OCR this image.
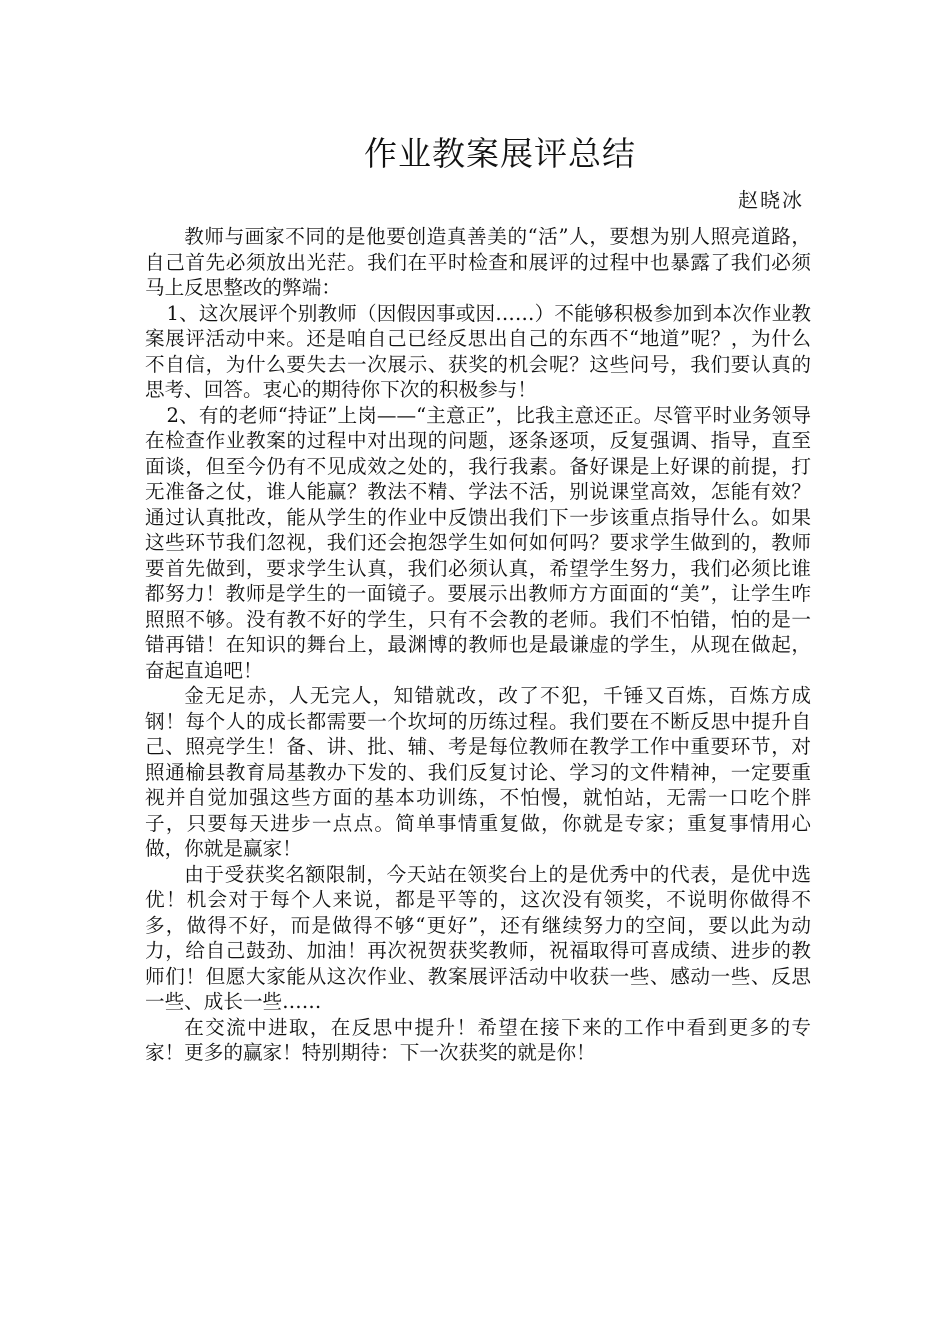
作业教案展评总结
赵晓冰

教师与画家不同的是他要创造真善美的“活”人，要想为别人照亮道路，自己首先必须放出光茫。我们在平时检查和展评的过程中也暴露了我们必须马上反思整改的弊端：

1、这次展评个别教师（因假因事或因……）不能够积极参加到本次作业教案展评活动中来。还是咱自己已经反思出自己的东西不“地道”呢？，为什么不自信，为什么要失去一次展示、获奖的机会呢？这些问号，我们要认真的思考、回答。衷心的期待你下次的积极参与！

2、有的老师“持证”上岗——“主意正”，比我主意还正。尽管平时业务领导在检查作业教案的过程中对出现的问题，逐条逐项，反复强调、指导，直至面谈，但至今仍有不见成效之处的，我行我素。备好课是上好课的前提，打无准备之仗，谁人能赢？教法不精、学法不活，别说课堂高效，怎能有效？通过认真批改，能从学生的作业中反馈出我们下一步该重点指导什么。如果这些环节我们忽视，我们还会抱怨学生如何如何吗？要求学生做到的，教师要首先做到，要求学生认真，我们必须认真，希望学生努力，我们必须比谁都努力！教师是学生的一面镜子。要展示出教师方方面面的“美”，让学生咋照照不够。没有教不好的学生，只有不会教的老师。我们不怕错，怕的是一错再错！在知识的舞台上，最渊博的教师也是最谦虚的学生，从现在做起，奋起直追吧！

金无足赤，人无完人，知错就改，改了不犯，千锤又百炼，百炼方成钢！每个人的成长都需要一个坎坷的历练过程。我们要在不断反思中提升自己、照亮学生！备、讲、批、辅、考是每位教师在教学工作中重要环节，对照通榆县教育局基教办下发的、我们反复讨论、学习的文件精神，一定要重视并自觉加强这些方面的基本功训练，不怕慢，就怕站，无需一口吃个胖子，只要每天进步一点点。简单事情重复做，你就是专家；重复事情用心做，你就是赢家！

由于受获奖名额限制，今天站在领奖台上的是优秀中的代表，是优中选优！机会对于每个人来说，都是平等的，这次没有领奖，不说明你做得不多，做得不好，而是做得不够“更好”，还有继续努力的空间，要以此为动力，给自己鼓劲、加油！再次祝贺获奖教师，祝福取得可喜成绩、进步的教师们！但愿大家能从这次作业、教案展评活动中收获一些、感动一些、反思一些、成长一些……

在交流中进取，在反思中提升！希望在接下来的工作中看到更多的专家！更多的赢家！特别期待：下一次获奖的就是你！
